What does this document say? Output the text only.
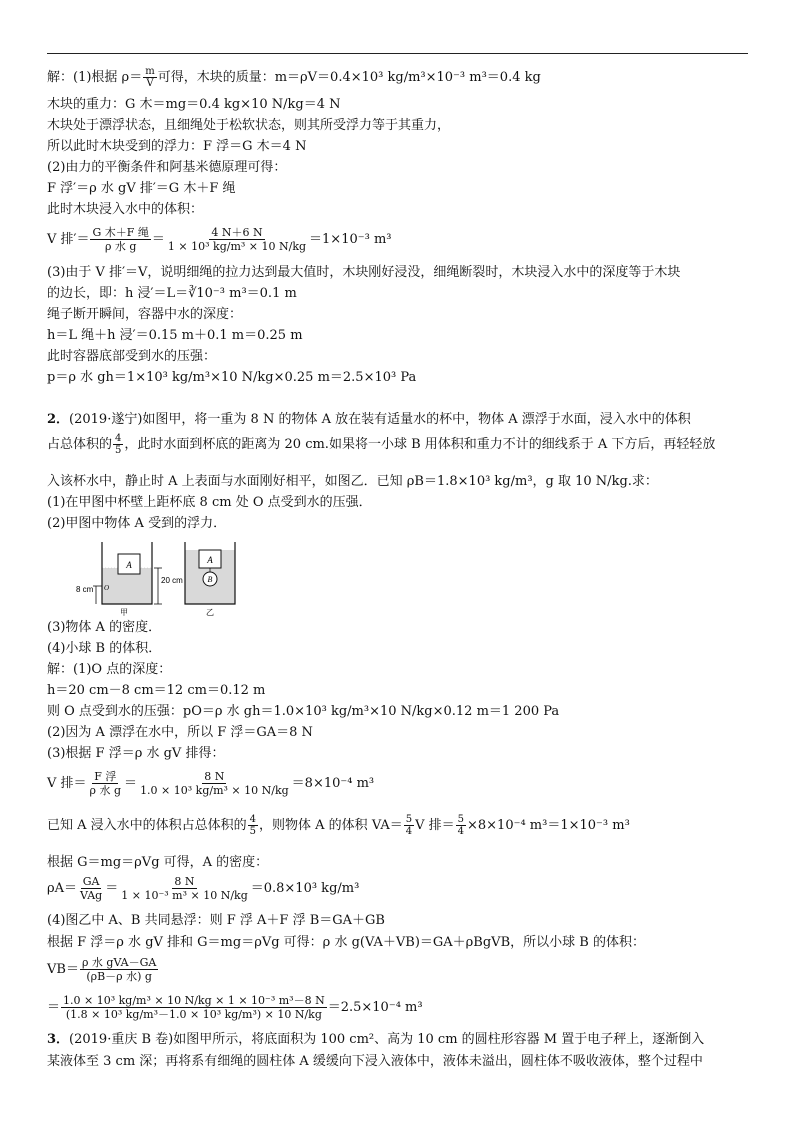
解：(1)根据 $\rho= \frac{m}{V}$ 可得，木块的质量：m＝ρV＝0.4×10³ kg/m³×10⁻³ m³＝0.4 kg
木块的重力：G 木＝mg＝0.4 kg×10 N/kg＝4 N
木块处于漂浮状态，且细绳处于松软状态，则其所受浮力等于其重力，
所以此时木块受到的浮力：F 浮＝G 木＝4 N
(2)由力的平衡条件和阿基米德原理可得：
F 浮′＝ρ 水 gV 排′＝G 木＋F 绳
此时木块浸入水中的体积：
V 排′＝ $\frac{\text{G 木＋F 绳}}{\text{ρ 水 g}} = \frac{4 N+6 N}{\text{1 × 10³ kg/m³ × 10 N/kg}} =1\times 10^{-3}$ m³
(3)由于 V 排′＝V，说明细绳的拉力达到最大值时，木块刚好浸没，细绳断裂时，木块浸入水中的深度等于木块
的边长，即：h 浸′＝L＝∛10⁻³ m³＝0.1 m
绳子断开瞬间，容器中水的深度：
h＝L 绳＋h 浸′＝0.15 m＋0.1 m＝0.25 m
此时容器底部受到水的压强：
p＝ρ 水 gh＝1×10³ kg/m³×10 N/kg×0.25 m＝2.5×10³ Pa
2．(2019·遂宁)如图甲，将一重为 8 N 的物体 A 放在装有适量水的杯中，物体 A 漂浮于水面，浸入水中的体积
占总体积的 $\frac{4}{5}$ ，此时水面到杯底的距离为 20 cm.如果将一小球 B 用体积和重力不计的细线系于 A 下方后，再轻轻放
入该杯水中，静止时 A 上表面与水面刚好相平，如图乙．已知 ρB＝1.8×10³ kg/m³，g 取 10 N/kg.求：
(1)在甲图中杯壁上距杯底 8 cm 处 O 点受到水的压强．
(2)甲图中物体 A 受到的浮力．
A
20 cm
8 cm O
甲
A
B
乙
(3)物体 A 的密度．
(4)小球 B 的体积．
解：(1)O 点的深度：
h＝20 cm－8 cm＝12 cm＝0.12 m
则 O 点受到水的压强：pO＝ρ 水 gh＝1.0×10³ kg/m³×10 N/kg×0.12 m＝1 200 Pa
(2)因为 A 漂浮在水中，所以 F 浮＝GA＝8 N
(3)根据 F 浮＝ρ 水 gV 排得：
V 排＝ $\frac{\text{F 浮}}{\text{ρ 水 g}} = \frac{8 N}{\text{1.0 × 10³ kg/m³ × 10 N/kg}} =8\times 10^{-4}$ m³
已知 A 浸入水中的体积占总体积的 $\frac{4}{5}$ ，则物体 A 的体积 $VA= \frac{5}{4}$ V 排＝ $\frac{5}{4} \times 8\times 10^{-4}$ m³＝1×10⁻³ m³
根据 G＝mg＝ρVg 可得，A 的密度：
$\rho A= \frac{GA}{\text{VAg}} = \frac{8 N}{\text{1 × 10⁻³ m³ × 10 N/kg}} =0.8\times 10^3$ kg/m³
(4)图乙中 A、B 共同悬浮：则 F 浮 A＋F 浮 B＝GA＋GB
根据 F 浮＝ρ 水 gV 排和 G＝mg＝ρVg 可得：ρ 水 g(VA＋VB)＝GA＋ρBgVB，所以小球 B 的体积：
$VB= \frac{\text{ρ 水 gVA－GA}}{\text{(ρB－ρ 水) g}}$
＝ $\frac{\text{1.0 × 10³ kg/m³ × 10 N/kg × 1 × 10⁻³ m³－8 N}}{\text{(1.8 × 10³ kg/m³－1.0 × 10³ kg/m³) × 10 N/kg}} =2.5\times 10^{-4}$ m³
3．(2019·重庆 B 卷)如图甲所示，将底面积为 100 cm²、高为 10 cm 的圆柱形容器 M 置于电子秤上，逐渐倒入
某液体至 3 cm 深；再将系有细绳的圆柱体 A 缓缓向下浸入液体中，液体未溢出，圆柱体不吸收液体，整个过程中
